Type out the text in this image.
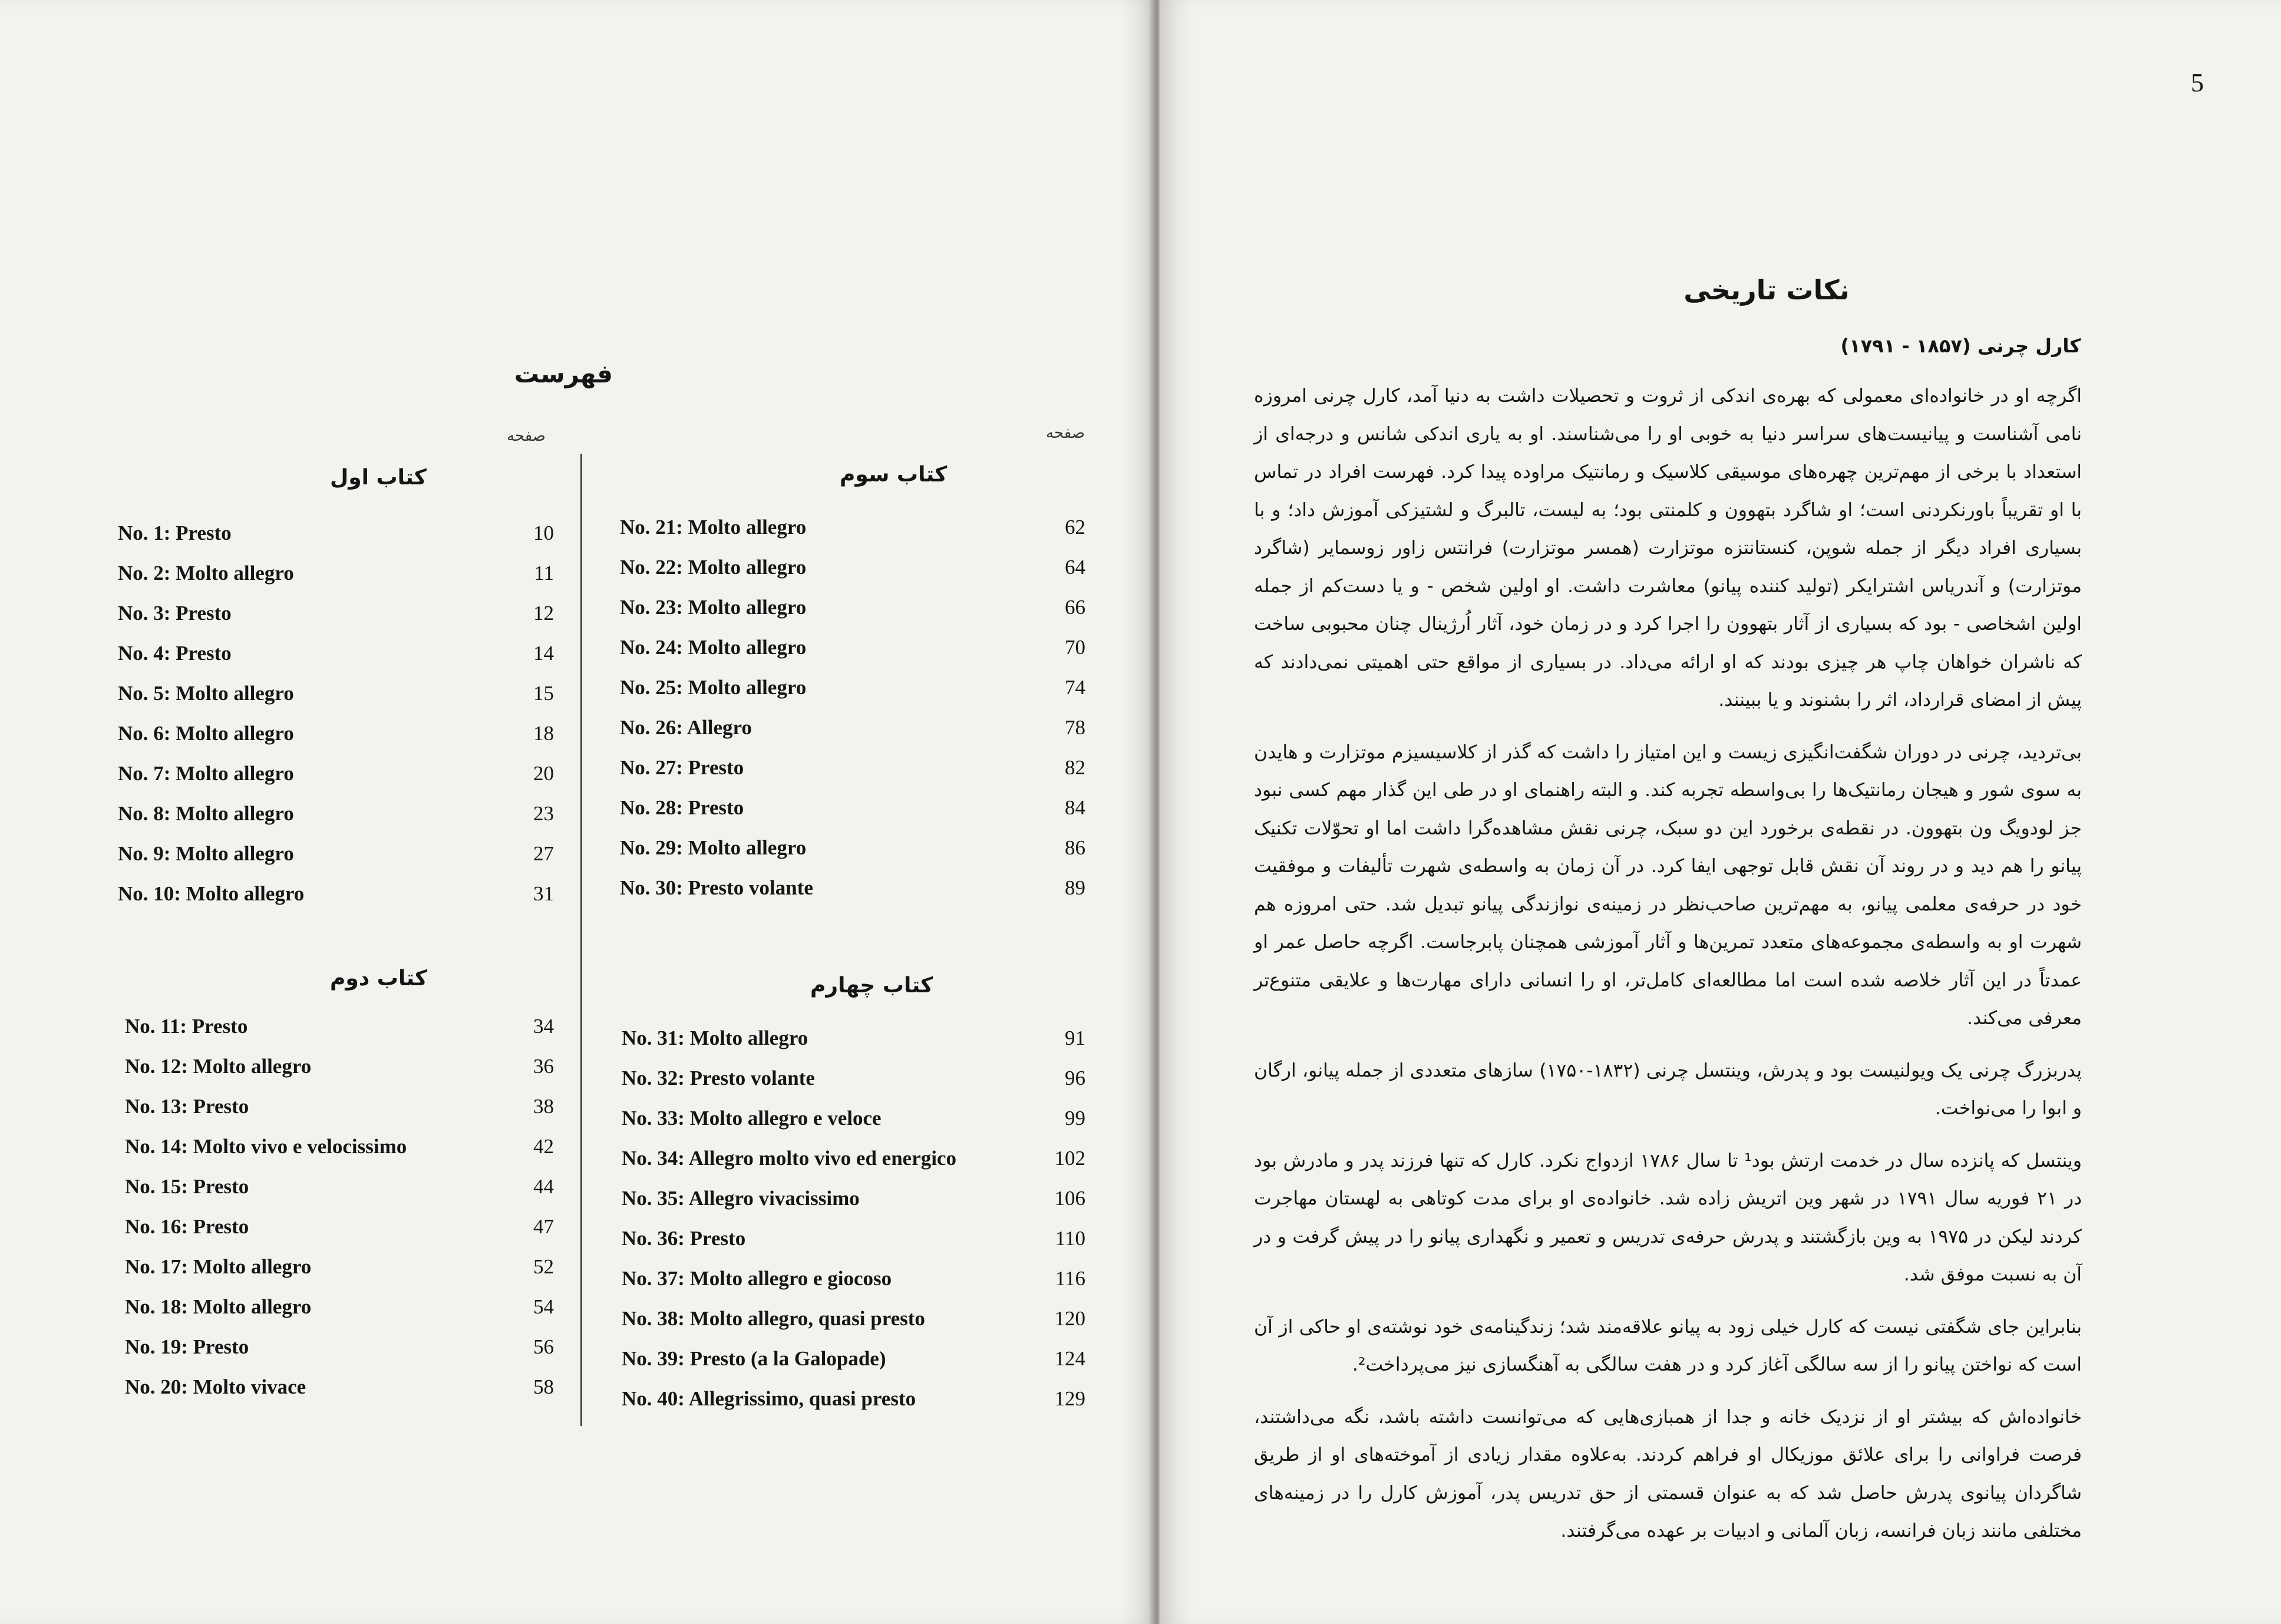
فهرست
صفحه	صفحه
کتاب اول
No. 1: Presto	10
No. 2: Molto allegro	11
No. 3: Presto	12
No. 4: Presto	14
No. 5: Molto allegro	15
No. 6: Molto allegro	18
No. 7: Molto allegro	20
No. 8: Molto allegro	23
No. 9: Molto allegro	27
No. 10: Molto allegro	31
کتاب دوم
No. 11: Presto	34
No. 12: Molto allegro	36
No. 13: Presto	38
No. 14: Molto vivo e velocissimo	42
No. 15: Presto	44
No. 16: Presto	47
No. 17: Molto allegro	52
No. 18: Molto allegro	54
No. 19: Presto	56
No. 20: Molto vivace	58
کتاب سوم
No. 21: Molto allegro	62
No. 22: Molto allegro	64
No. 23: Molto allegro	66
No. 24: Molto allegro	70
No. 25: Molto allegro	74
No. 26: Allegro	78
No. 27: Presto	82
No. 28: Presto	84
No. 29: Molto allegro	86
No. 30: Presto volante	89
کتاب چهارم
No. 31: Molto allegro	91
No. 32: Presto volante	96
No. 33: Molto allegro e veloce	99
No. 34: Allegro molto vivo ed energico	102
No. 35: Allegro vivacissimo	106
No. 36: Presto	110
No. 37: Molto allegro e giocoso	116
No. 38: Molto allegro, quasi presto	120
No. 39: Presto (a la Galopade)	124
No. 40: Allegrissimo, quasi presto	129
5
نکات تاریخی
کارل چرنی (۱۸۵۷ - ۱۷۹۱)

اگرچه او در خانواده‌ای معمولی که بهره‌ی اندکی از ثروت و تحصیلات داشت به دنیا آمد، کارل چرنی امروزه نامی آشناست و پیانیست‌های سراسر دنیا به خوبی او را می‌شناسند. او به یاری اندکی شانس و درجه‌ای از استعداد با برخی از مهم‌ترین چهره‌های موسیقی کلاسیک و رمانتیک مراوده پیدا کرد. فهرست افراد در تماس با او تقریباً باورنکردنی است؛ او شاگرد بتهوون و کلمنتی بود؛ به لیست، تالبرگ و لشتیزکی آموزش داد؛ و با بسیاری افراد دیگر از جمله شوپن، کنستانتزه موتزارت (همسر موتزارت) فرانتس زاور زوسمایر (شاگرد موتزارت) و آندریاس اشترایکر (تولید کننده پیانو) معاشرت داشت. او اولین شخص - و یا دست‌کم از جمله اولین اشخاصی - بود که بسیاری از آثار بتهوون را اجرا کرد و در زمان خود، آثار اُرژینال چنان محبوبی ساخت که ناشران خواهان چاپ هر چیزی بودند که او ارائه می‌داد. در بسیاری از مواقع حتی اهمیتی نمی‌دادند که پیش از امضای قرارداد، اثر را بشنوند و یا ببینند.

بی‌تردید، چرنی در دوران شگفت‌انگیزی زیست و این امتیاز را داشت که گذر از کلاسیسیزم موتزارت و هایدن به سوی شور و هیجان رمانتیک‌ها را بی‌واسطه تجربه کند. و البته راهنمای او در طی این گذار مهم کسی نبود جز لودویگ ون بتهوون. در نقطه‌ی برخورد این دو سبک، چرنی نقش مشاهده‌گرا داشت اما او تحوّلات تکنیک پیانو را هم دید و در روند آن نقش قابل توجهی ایفا کرد. در آن زمان به واسطه‌ی شهرت تألیفات و موفقیت خود در حرفه‌ی معلمی پیانو، به مهم‌ترین صاحب‌نظر در زمینه‌ی نوازندگی پیانو تبدیل شد. حتی امروزه هم شهرت او به واسطه‌ی مجموعه‌های متعدد تمرین‌ها و آثار آموزشی همچنان پابرجاست. اگرچه حاصل عمر او عمدتاً در این آثار خلاصه شده است اما مطالعه‌ای کامل‌تر، او را انسانی دارای مهارت‌ها و علایقی متنوع‌تر معرفی می‌کند.

پدربزرگ چرنی یک ویولنیست بود و پدرش، وینتسل چرنی (۱۸۳۲-۱۷۵۰) سازهای متعددی از جمله پیانو، ارگان و ابوا را می‌نواخت.

وینتسل که پانزده سال در خدمت ارتش بود¹ تا سال ۱۷۸۶ ازدواج نکرد. کارل که تنها فرزند پدر و مادرش بود در ۲۱ فوریه سال ۱۷۹۱ در شهر وین اتریش زاده شد. خانواده‌ی او برای مدت کوتاهی به لهستان مهاجرت کردند لیکن در ۱۹۷۵ به وین بازگشتند و پدرش حرفه‌ی تدریس و تعمیر و نگهداری پیانو را در پیش گرفت و در آن به نسبت موفق شد.

بنابراین جای شگفتی نیست که کارل خیلی زود به پیانو علاقه‌مند شد؛ زندگینامه‌ی خود نوشته‌ی او حاکی از آن است که نواختن پیانو را از سه سالگی آغاز کرد و در هفت سالگی به آهنگسازی نیز می‌پرداخت².

خانواده‌اش که بیشتر او از نزدیک خانه و جدا از همبازی‌هایی که می‌توانست داشته باشد، نگه می‌داشتند، فرصت فراوانی را برای علائق موزیکال او فراهم کردند. به‌علاوه مقدار زیادی از آموخته‌های او از طریق شاگردان پیانوی پدرش حاصل شد که به عنوان قسمتی از حق تدریس پدر، آموزش کارل را در زمینه‌های مختلفی مانند زبان فرانسه، زبان آلمانی و ادبیات بر عهده می‌گرفتند.
